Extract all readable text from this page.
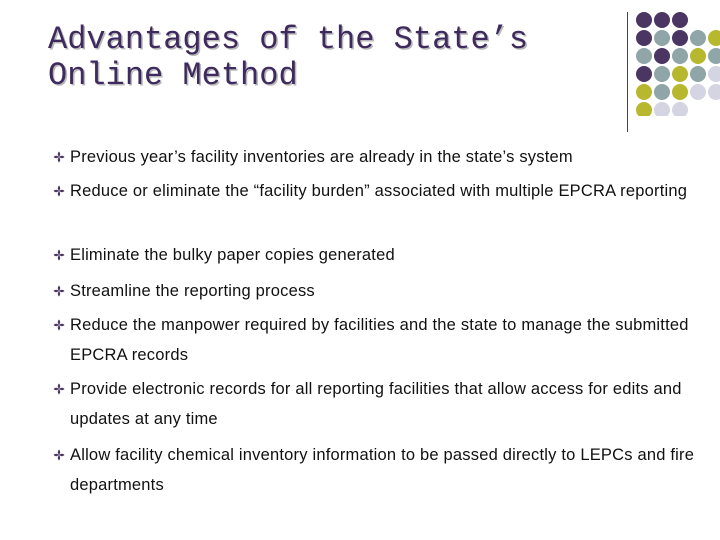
Advantages of the State’s
Online Method
Previous year’s facility inventories are already in the state’s system
Reduce or eliminate the “facility burden” associated with multiple EPCRA reporting
Eliminate the bulky paper copies generated
Streamline the reporting process
Reduce the manpower required by facilities and the state to manage the submitted EPCRA records
Provide electronic records for all reporting facilities that allow access for edits and updates at any time
Allow facility chemical inventory information to be passed directly to LEPCs and fire departments
